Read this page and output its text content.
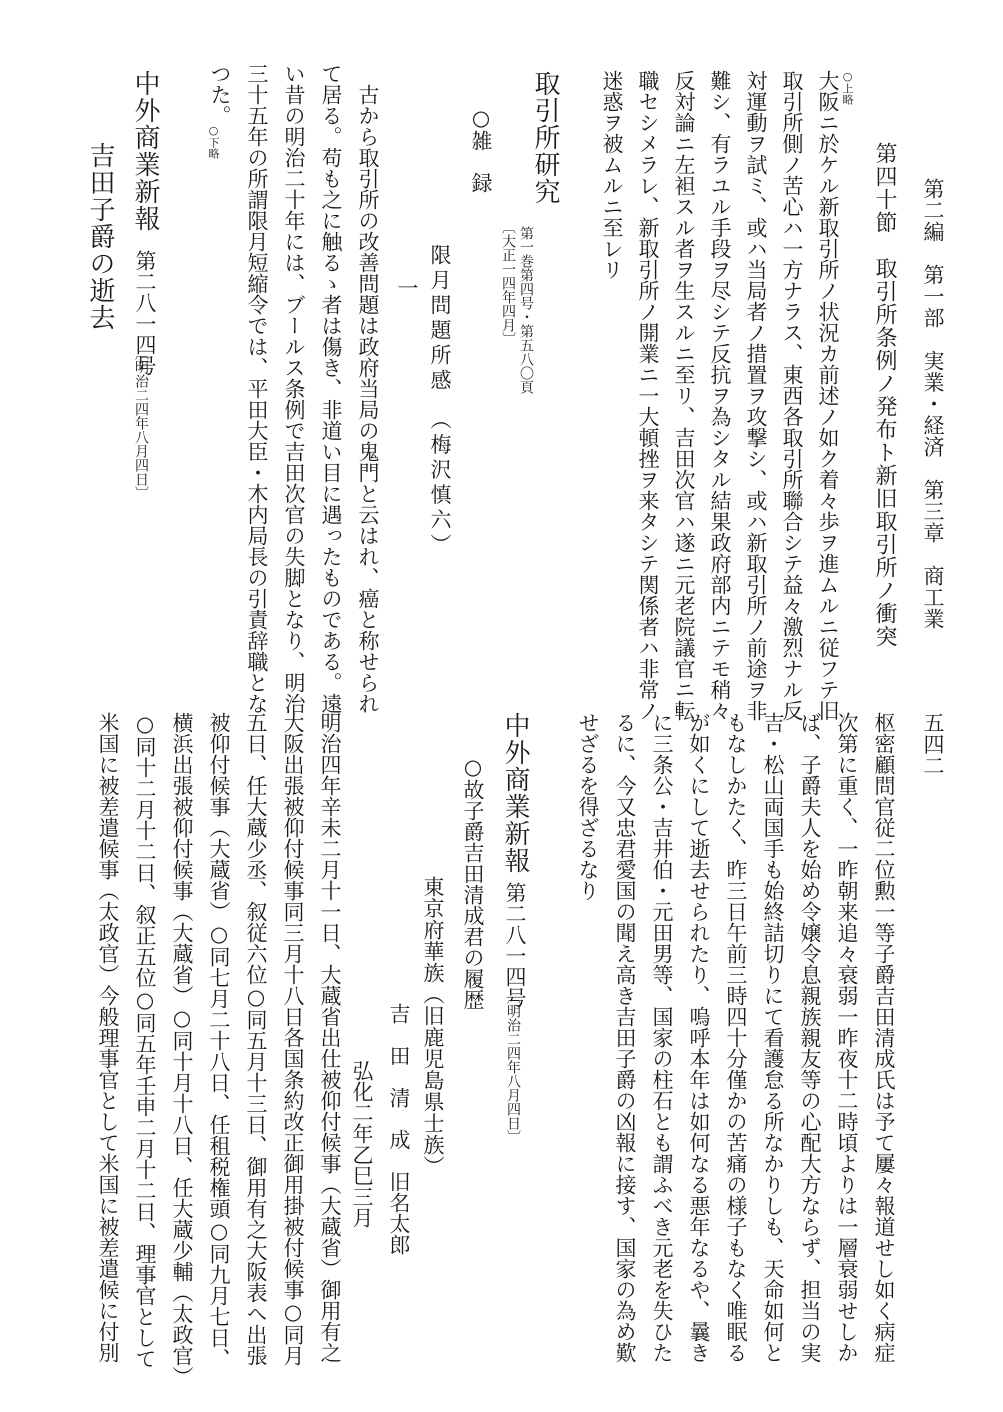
第二編　第一部　実業・経済　第三章　商工業
五四二
第四十節　取引所条例ノ発布ト新旧取引所ノ衝突
○上略
大阪ニ於ケル新取引所ノ状況カ前述ノ如ク着々歩ヲ進ムルニ従フテ旧
取引所側ノ苦心ハ一方ナラス、東西各取引所聯合シテ益々激烈ナル反
対運動ヲ試ミ、或ハ当局者ノ措置ヲ攻撃シ、或ハ新取引所ノ前途ヲ非
難シ、有ラユル手段ヲ尽シテ反抗ヲ為シタル結果政府部内ニテモ稍々
反対論ニ左袒スル者ヲ生スルニ至リ、吉田次官ハ遂ニ元老院議官ニ転
職セシメラレ、新取引所ノ開業ニ一大頓挫ヲ来タシテ関係者ハ非常ノ
迷惑ヲ被ムルニ至レリ
取引所研究
第一巻第四号・第五八〇頁
〔大正一四年四月〕
○雑　録
限月問題所感　（梅沢慎六）
一
古から取引所の改善問題は政府当局の鬼門と云はれ、癌と称せられ
て居る。苟も之に触るゝ者は傷き、非道い目に遇ったものである。遠
い昔の明治二十年には、ブールス条例で吉田次官の失脚となり、明治
三十五年の所謂限月短縮令では、平田大臣・木内局長の引責辞職とな
つた。
○下略
中外商業新報
第二八一四号
〔明治二四年八月四日〕
吉田子爵の逝去
枢密顧問官従二位勲一等子爵吉田清成氏は予て屢々報道せし如く病症
次第に重く、一昨朝来追々衰弱一昨夜十二時頃よりは一層衰弱せしか
ば、子爵夫人を始め令嬢令息親族親友等の心配大方ならず、担当の実
吉・松山両国手も始終詰切りにて看護怠る所なかりしも、天命如何と
もなしかたく、昨三日午前三時四十分僅かの苦痛の様子もなく唯眠る
が如くにして逝去せられたり、嗚呼本年は如何なる悪年なるや、曩き
に三条公・吉井伯・元田男等、国家の柱石とも謂ふべき元老を失ひた
るに、今又忠君愛国の聞え高き吉田子爵の凶報に接す、国家の為め歎
せざるを得ざるなり
中外商業新報
第二八一四号
〔明治二四年八月四日〕
○故子爵吉田清成君の履歴
東京府華族（旧鹿児島県士族）
吉　田　清　成　旧名太郎
弘化二年乙巳三月
明治四年辛未二月十一日、大蔵省出仕被仰付候事（大蔵省）御用有之
大阪出張被仰付候事同三月十八日各国条約改正御用掛被付候事○同月
五日、任大蔵少丞、叙従六位○同五月十三日、御用有之大阪表へ出張
被仰付候事（大蔵省）○同七月二十八日、任租税権頭○同九月七日、
横浜出張被仰付候事（大蔵省）○同十月十八日、任大蔵少輔（太政官）
○同十二月十二日、叙正五位○同五年壬申二月十二日、理事官として
米国に被差遣候事（太政官）今般理事官として米国に被差遣候に付別
